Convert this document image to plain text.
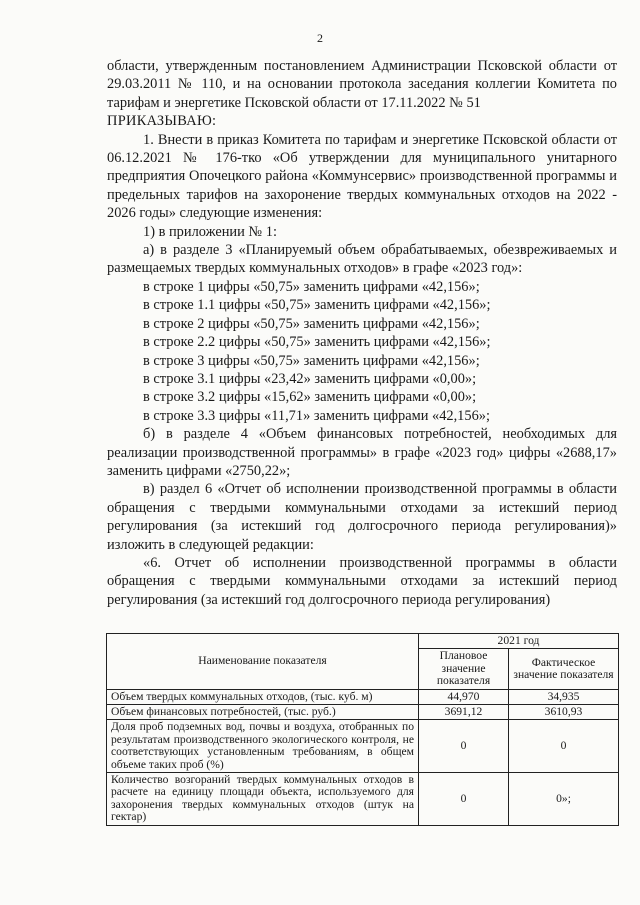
2

области, утвержденным постановлением Администрации Псковской области от 29.03.2011 № 110, и на основании протокола заседания коллегии Комитета по тарифам и энергетике Псковской области от 17.11.2022 № 51

ПРИКАЗЫВАЮ:

1. Внести в приказ Комитета по тарифам и энергетике Псковской области от 06.12.2021 № 176-тко «Об утверждении для муниципального унитарного предприятия Опочецкого района «Коммунсервис» производственной программы и предельных тарифов на захоронение твердых коммунальных отходов на 2022 - 2026 годы» следующие изменения:

1) в приложении № 1:

а) в разделе 3 «Планируемый объем обрабатываемых, обезвреживаемых и размещаемых твердых коммунальных отходов» в графе «2023 год»:

в строке 1 цифры «50,75» заменить цифрами «42,156»;

в строке 1.1 цифры «50,75» заменить цифрами «42,156»;

в строке 2 цифры «50,75» заменить цифрами «42,156»;

в строке 2.2 цифры «50,75» заменить цифрами «42,156»;

в строке 3 цифры «50,75» заменить цифрами «42,156»;

в строке 3.1 цифры «23,42» заменить цифрами «0,00»;

в строке 3.2 цифры «15,62» заменить цифрами «0,00»;

в строке 3.3 цифры «11,71» заменить цифрами «42,156»;

б) в разделе 4 «Объем финансовых потребностей, необходимых для реализации производственной программы» в графе «2023 год» цифры «2688,17» заменить цифрами «2750,22»;

в) раздел 6 «Отчет об исполнении производственной программы в области обращения с твердыми коммунальными отходами за истекший период регулирования (за истекший год долгосрочного периода регулирования)» изложить в следующей редакции:

«6. Отчет об исполнении производственной программы в области обращения с твердыми коммунальными отходами за истекший период регулирования (за истекший год долгосрочного периода регулирования)

Наименование показателя	2021 год	
	Плановое значение показателя	Фактическое значение показателя
Объем твердых коммунальных отходов, (тыс. куб. м)	44,970	34,935
Объем финансовых потребностей, (тыс. руб.)	3691,12	3610,93
Доля проб подземных вод, почвы и воздуха, отобранных по результатам производственного экологического контроля, не соответствующих установленным требованиям, в общем объеме таких проб (%)	0	0
Количество возгораний твердых коммунальных отходов в расчете на единицу площади объекта, используемого для захоронения твердых коммунальных отходов (штук на гектар)	0	0»;
